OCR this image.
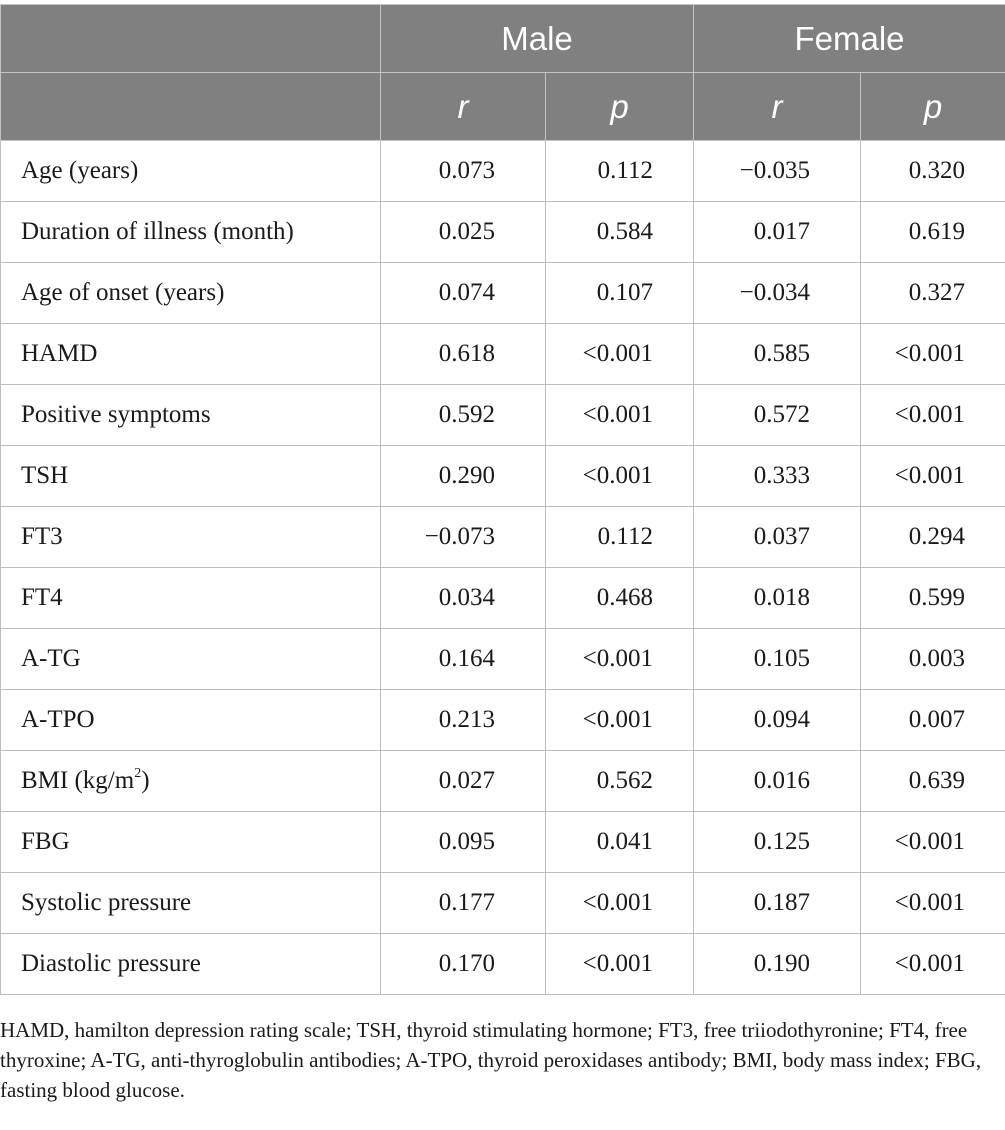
	Male		Female	
	r	p	r	p
Age (years)	0.073	0.112	−0.035	0.320
Duration of illness (month)	0.025	0.584	0.017	0.619
Age of onset (years)	0.074	0.107	−0.034	0.327
HAMD	0.618	<0.001	0.585	<0.001
Positive symptoms	0.592	<0.001	0.572	<0.001
TSH	0.290	<0.001	0.333	<0.001
FT3	−0.073	0.112	0.037	0.294
FT4	0.034	0.468	0.018	0.599
A-TG	0.164	<0.001	0.105	0.003
A-TPO	0.213	<0.001	0.094	0.007
BMI $(kg/m^2)$	0.027	0.562	0.016	0.639
FBG	0.095	0.041	0.125	<0.001
Systolic pressure	0.177	<0.001	0.187	<0.001
Diastolic pressure	0.170	<0.001	0.190	<0.001

HAMD, hamilton depression rating scale; TSH, thyroid stimulating hormone; FT3, free triiodothyronine; FT4, free thyroxine; A-TG, anti-thyroglobulin antibodies; A-TPO, thyroid peroxidases antibody; BMI, body mass index; FBG, fasting blood glucose.
